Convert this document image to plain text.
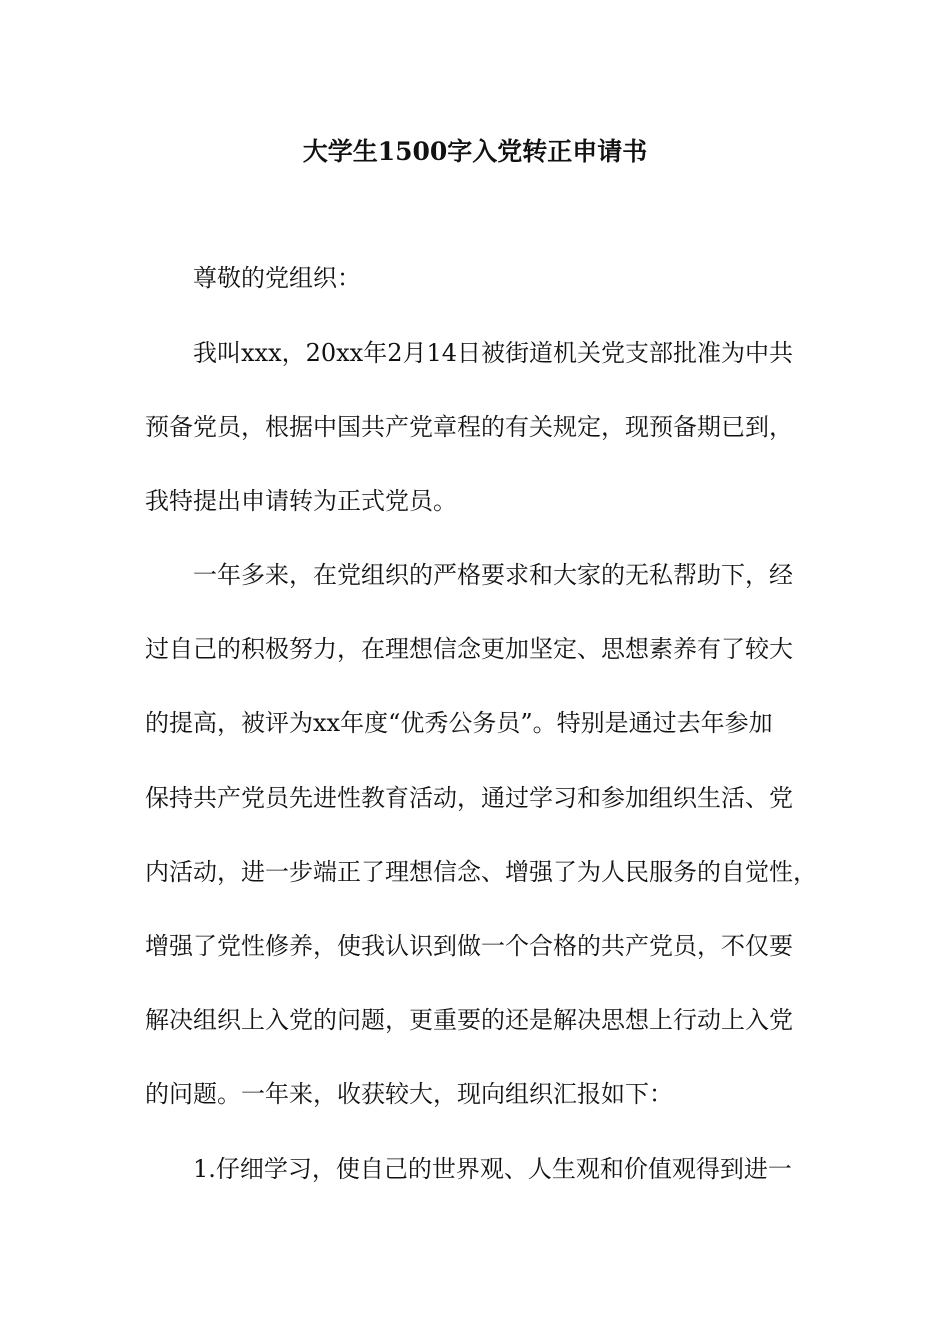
大学生1500字入党转正申请书

尊敬的党组织：

我叫xxx，20xx年2月14日被街道机关党支部批准为中共

预备党员，根据中国共产党章程的有关规定，现预备期已到，

我特提出申请转为正式党员。

一年多来，在党组织的严格要求和大家的无私帮助下，经

过自己的积极努力，在理想信念更加坚定、思想素养有了较大

的提高，被评为xx年度“优秀公务员”。特别是通过去年参加

保持共产党员先进性教育活动，通过学习和参加组织生活、党

内活动，进一步端正了理想信念、增强了为人民服务的自觉性，

增强了党性修养，使我认识到做一个合格的共产党员，不仅要

解决组织上入党的问题，更重要的还是解决思想上行动上入党

的问题。一年来，收获较大，现向组织汇报如下：

1.仔细学习，使自己的世界观、人生观和价值观得到进一
